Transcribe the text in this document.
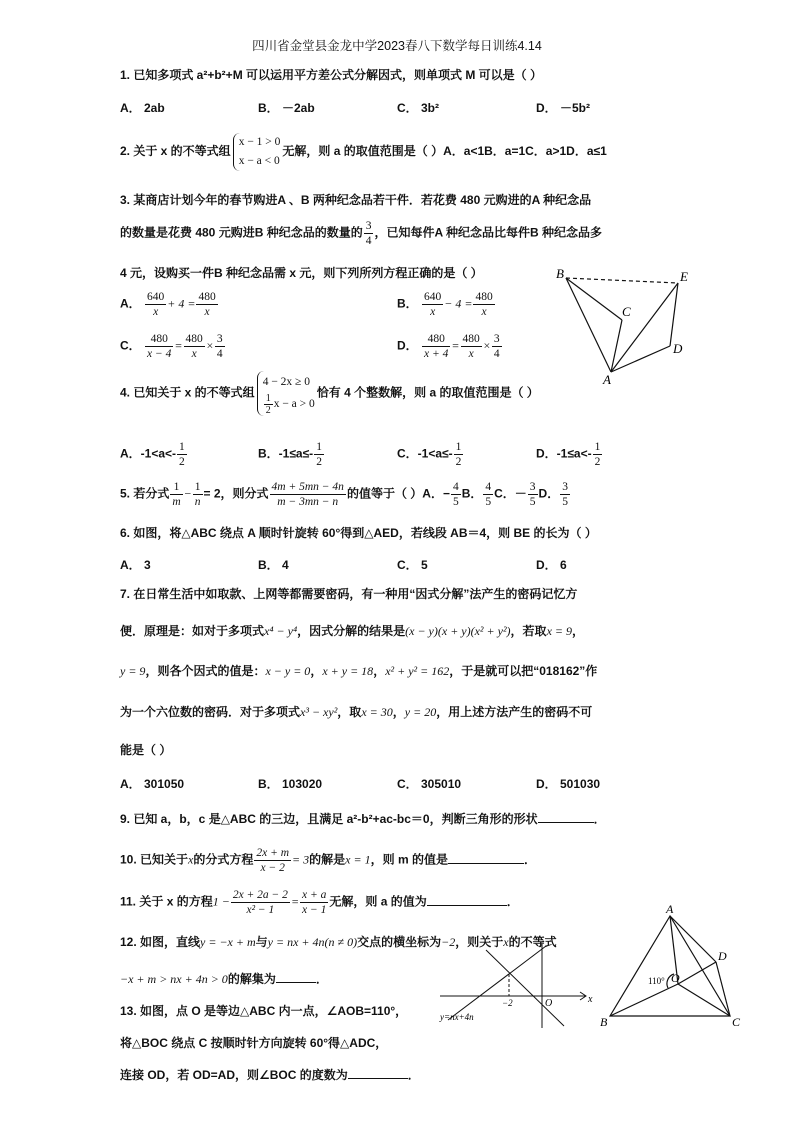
四川省金堂县金龙中学2023春八下数学每日训练4.14
1. 已知多项式 a²+b²+M 可以运用平方差公式分解因式，则单项式 M 可以是（ ）
A． 2ab	B． －2ab	C． 3b²	D． －5b²
2. 关于 x 的不等式组
x − 1 > 0
x − a < 0
无解，则 a 的取值范围是（ ）A．a<1B．a=1C．a>1D．a≤1
3. 某商店计划今年的春节购进A 、B 两种纪念品若干件．若花费 480 元购进的A 种纪念品
的数量是花费 480 元购进B 种纪念品的数量的 $\frac{3}{4}$ ，已知每件A 种纪念品比每件B 种纪念品多
4 元，设购买一件B 种纪念品需 x 元，则下列所列方程正确的是（ ）
A． $\frac{640}{x} + 4 = \frac{480}{x}$	B． $\frac{640}{x} - 4 = \frac{480}{x}$
C． $\frac{480}{x - 4} = \frac{480}{x} \times \frac{3}{4}$	D． $\frac{480}{x + 4} = \frac{480}{x} \times \frac{3}{4}$
B	E
C
D
A
4. 已知关于 x 的不等式组
4 − 2x ≥ 0
$\frac{1}{2}$ x − a > 0
恰有 4 个整数解，则 a 的取值范围是（ ）
A．$-1<a<- \frac{1}{2}$	B．$-1\le a\le- \frac{1}{2}$	C．$-1<a\le- \frac{1}{2}$	D．$-1\le a<- \frac{1}{2}$
5. 若分式 $\frac{1}{m} - \frac{1}{n} = 2$，则分式 $\frac{4m + 5mn - 4n}{m - 3mn - n}$ 的值等于（ ）A．− $\frac{4}{5}$ B． $\frac{4}{5}$ C．－ $\frac{3}{5}$ D． $\frac{3}{5}$
6. 如图，将△ABC 绕点 A 顺时针旋转 60°得到△AED，若线段 AB＝4，则 BE 的长为（ ）
A． 3	B． 4	C． 5	D． 6
7. 在日常生活中如取款、上网等都需要密码，有一种用“因式分解”法产生的密码记忆方
便．原理是：如对于多项式x⁴ − y⁴，因式分解的结果是(x − y)(x + y)(x² + y²)，若取x = 9，
y = 9，则各个因式的值是：x − y = 0，x + y = 18，x² + y² = 162，于是就可以把“018162”作
为一个六位数的密码．对于多项式x³ − xy²，取x = 30，y = 20，用上述方法产生的密码不可
能是（ ）
A． 301050	B． 103020	C． 305010	D． 501030
9. 已知 a，b，c 是△ABC 的三边，且满足 a²-b²+ac-bc＝0，判断三角形的形状	．
10. 已知关于x的分式方程 $\frac{2x + m}{x - 2} = 3$的解是x = 1，则 m 的值是	．
11. 关于 x 的方程$1 - \frac{2x + 2a - 2}{\text{x² − 1}} = \frac{x + a}{x - 1}$ 无解，则 a 的值为	．
x
O
−2
y=nx+4n
A
B	C
D
O
110°
12. 如图，直线y = −x + m与y = nx + 4n(n ≠ 0)交点的横坐标为−2，则关于x的不等式
−x + m > nx + 4n > 0的解集为	．
13. 如图，点 O 是等边△ABC 内一点，∠AOB=110°，
将△BOC 绕点 C 按顺时针方向旋转 60°得△ADC，
连接 OD，若 OD=AD，则∠BOC 的度数为	．
